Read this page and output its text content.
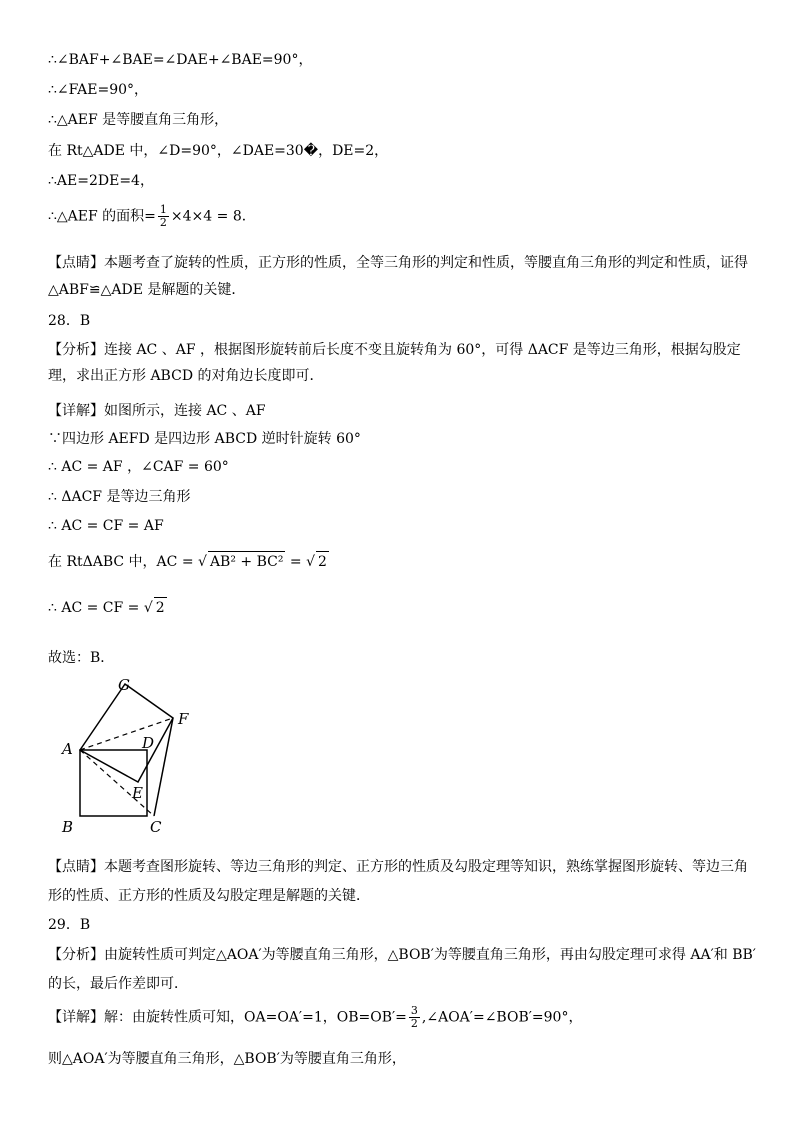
∴∠BAF+∠BAE=∠DAE+∠BAE=90°，
∴∠FAE=90°，
∴△AEF 是等腰直角三角形，
在 Rt△ADE 中，∠D=90°，∠DAE=30�，DE=2，
∴AE=2DE=4，
∴△AEF 的面积= $\frac{1}{2} \times 4\times 4 = 8$．
【点睛】本题考查了旋转的性质，正方形的性质，全等三角形的判定和性质，等腰直角三角形的判定和性质，证得△ABF≌△ADE 是解题的关键．
28．B
【分析】连接 AC 、AF ，根据图形旋转前后长度不变且旋转角为 60°，可得 ΔACF 是等边三角形，根据勾股定理，求出正方形 ABCD 的对角边长度即可．
【详解】如图所示，连接 AC 、AF
∵四边形 AEFD 是四边形 ABCD 逆时针旋转 60°
∴ AC = AF ，∠CAF = 60°
∴ ΔACF 是等边三角形
∴ AC = CF = AF
在 RtΔABC 中，AC = √ AB² + BC² = √ 2
∴ AC = CF = √ 2
故选：B．
G
F
A	D
E
B	C
【点睛】本题考查图形旋转、等边三角形的判定、正方形的性质及勾股定理等知识，熟练掌握图形旋转、等边三角形的性质、正方形的性质及勾股定理是解题的关键．
29．B
【分析】由旋转性质可判定△AOA′为等腰直角三角形，△BOB′为等腰直角三角形，再由勾股定理可求得 AA′和 BB′的长，最后作差即可．
【详解】解：由旋转性质可知，OA=OA′=1，$OB=OB'= \frac{3}{2}$ ,∠AOA′=∠BOB′=90°，
则△AOA′为等腰直角三角形，△BOB′为等腰直角三角形，
